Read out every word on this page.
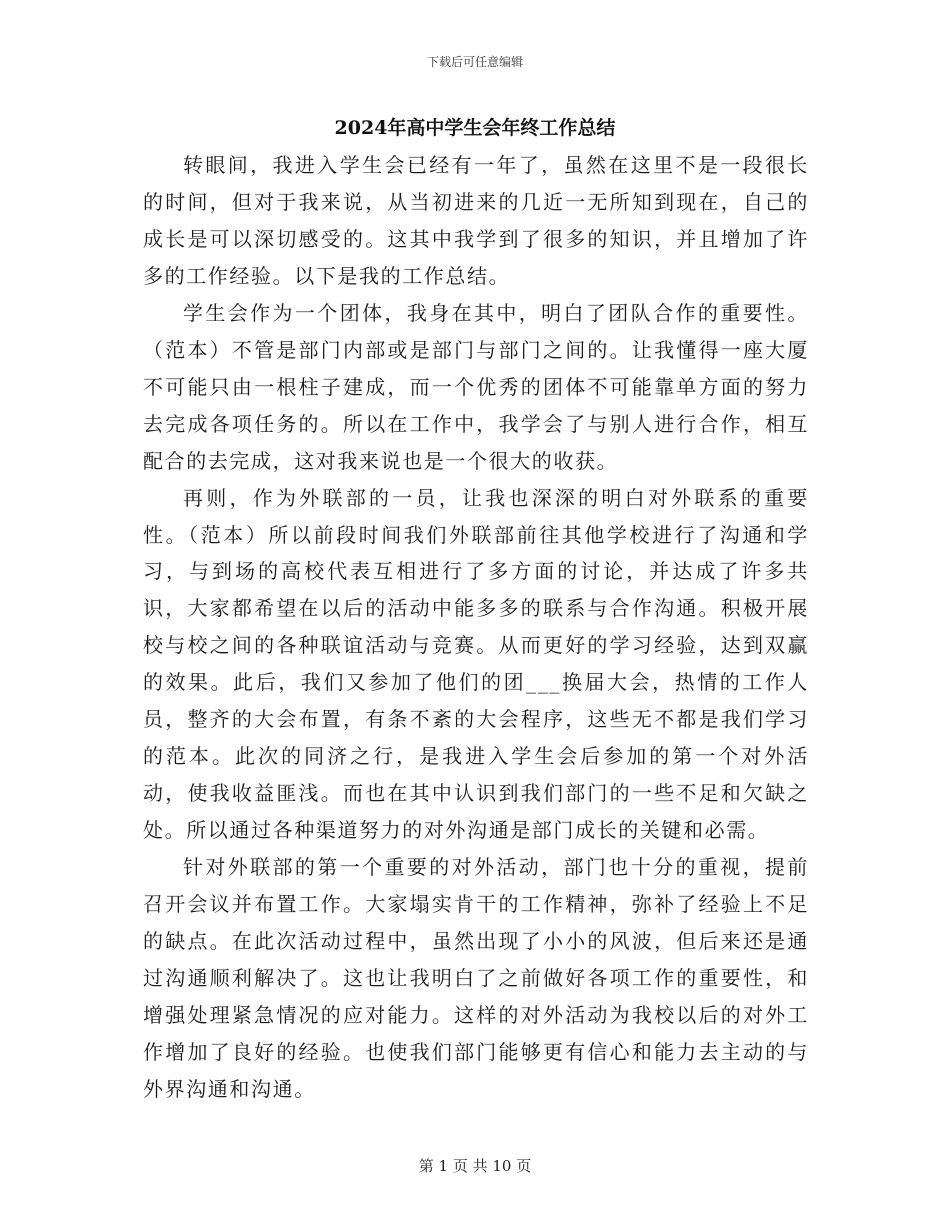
下载后可任意编辑
2024年高中学生会年终工作总结

转眼间，我进入学生会已经有一年了，虽然在这里不是一段很长的时间，但对于我来说，从当初进来的几近一无所知到现在，自己的成长是可以深切感受的。这其中我学到了很多的知识，并且增加了许多的工作经验。以下是我的工作总结。

学生会作为一个团体，我身在其中，明白了团队合作的重要性。（范本）不管是部门内部或是部门与部门之间的。让我懂得一座大厦不可能只由一根柱子建成，而一个优秀的团体不可能靠单方面的努力去完成各项任务的。所以在工作中，我学会了与别人进行合作，相互配合的去完成，这对我来说也是一个很大的收获。

再则，作为外联部的一员，让我也深深的明白对外联系的重要性。（范本）所以前段时间我们外联部前往其他学校进行了沟通和学习，与到场的高校代表互相进行了多方面的讨论，并达成了许多共识，大家都希望在以后的活动中能多多的联系与合作沟通。积极开展校与校之间的各种联谊活动与竞赛。从而更好的学习经验，达到双赢的效果。此后，我们又参加了他们的团___换届大会，热情的工作人员，整齐的大会布置，有条不紊的大会程序，这些无不都是我们学习的范本。此次的同济之行，是我进入学生会后参加的第一个对外活动，使我收益匪浅。而也在其中认识到我们部门的一些不足和欠缺之处。所以通过各种渠道努力的对外沟通是部门成长的关键和必需。

针对外联部的第一个重要的对外活动，部门也十分的重视，提前召开会议并布置工作。大家塌实肯干的工作精神，弥补了经验上不足的缺点。在此次活动过程中，虽然出现了小小的风波，但后来还是通过沟通顺利解决了。这也让我明白了之前做好各项工作的重要性，和增强处理紧急情况的应对能力。这样的对外活动为我校以后的对外工作增加了良好的经验。也使我们部门能够更有信心和能力去主动的与外界沟通和沟通。

第 1 页 共 10 页
